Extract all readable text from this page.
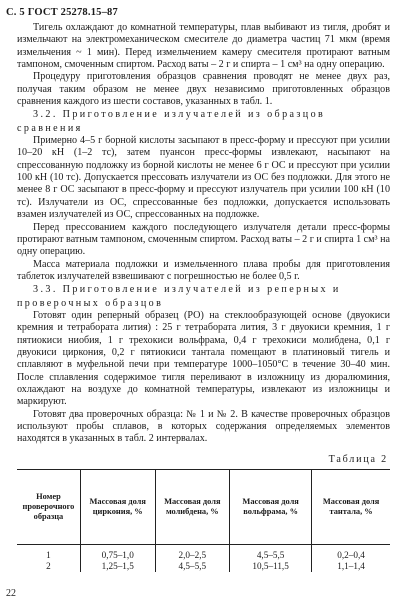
С. 5 ГОСТ 25278.15–87

Тигель охлаждают до комнатной температуры, плав выбивают из тигля, дробят и измельчают на электромеханическом смесителе до диаметра частиц 71 мкм (время измельчения ~ 1 мин). Перед измельчением камеру смесителя протирают ватным тампоном, смоченным спиртом. Расход ваты – 2 г и спирта – 1 см³ на одну операцию.

Процедуру приготовления образцов сравнения проводят не менее двух раз, получая таким образом не менее двух независимо приготовленных образцов сравнения каждого из шести составов, указанных в табл. 1.

3.2. Приготовление излучателей из образцов
сравнения

Примерно 4–5 г борной кислоты засыпают в пресс-форму и прессуют при усилии 10–20 кН (1–2 тс), затем пуансон пресс-формы извлекают, насыпают на спрессованную подложку из борной кислоты не менее 6 г ОС и прессуют при усилии 100 кН (10 тс). Допускается прессовать излучатели из ОС без подложки. Для этого не менее 8 г ОС засыпают в пресс-форму и прессуют излучатель при усилии 100 кН (10 тс). Излучатели из ОС, спрессованные без подложки, допускается использовать взамен излучателей из ОС, спрессованных на подложке.

Перед прессованием каждого последующего излучателя детали пресс-формы протирают ватным тампоном, смоченным спиртом. Расход ваты – 2 г и спирта 1 см³ на одну операцию.

Масса материала подложки и измельченного плава пробы для приготовления таблеток излучателей взвешивают с погрешностью не более 0,5 г.

3.3. Приготовление излучателей из реперных и
проверочных образцов

Готовят один реперный образец (РО) на стеклообразующей основе (двуокиси кремния и тетрабората лития) : 25 г тетрабората лития, 3 г двуокиси кремния, 1 г пятиокиси ниобия, 1 г трехокиси вольфрама, 0,4 г трехокиси молибдена, 0,1 г двуокиси циркония, 0,2 г пятиокиси тантала помещают в платиновый тигель и сплавляют в муфельной печи при температуре 1000–1050°С в течение 30–40 мин. После сплавления содержимое тигля переливают в изложницу из дюралюминия, охлаждают на воздухе до комнатной температуры, извлекают из изложницы и маркируют.

Готовят два проверочных образца: № 1 и № 2. В качестве проверочных образцов используют пробы сплавов, в которых содержания определяемых элементов находятся в указанных в табл. 2 интервалах.

Таблица 2
Номер проверочного образца	Массовая доля циркония, %	Массовая доля молибдена, %	Массовая доля вольфрама, %	Массовая доля тантала, %
1	0,75–1,0	2,0–2,5	4,5–5,5	0,2–0,4
2	1,25–1,5	4,5–5,5	10,5–11,5	1,1–1,4
22
